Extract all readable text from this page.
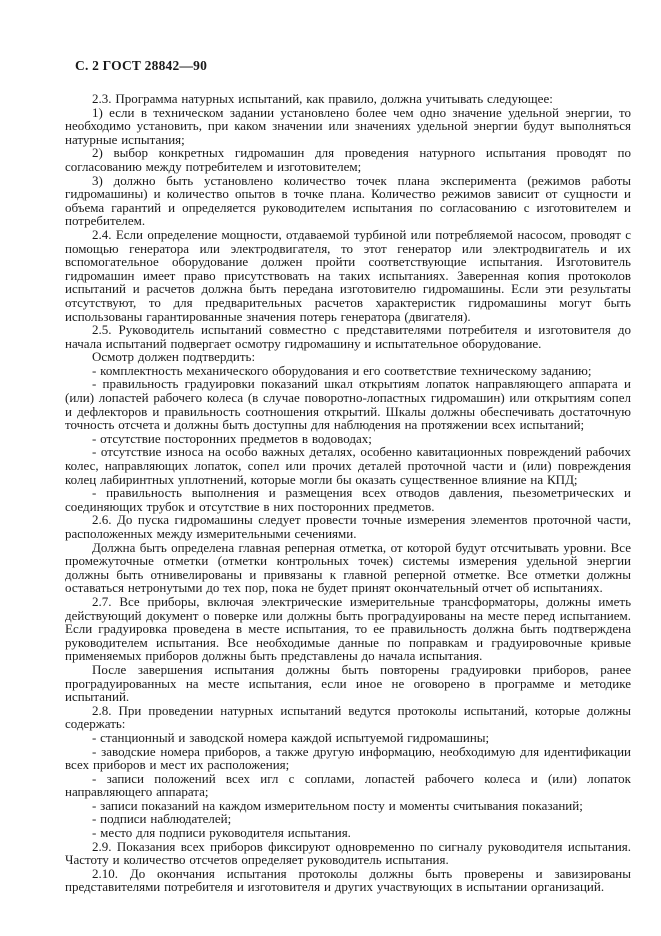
С. 2 ГОСТ 28842—90

2.3. Программа натурных испытаний, как правило, должна учитывать следующее:

1) если в техническом задании установлено более чем одно значение удельной энергии, то необходимо установить, при каком значении или значениях удельной энергии будут выполняться натурные испытания;

2) выбор конкретных гидромашин для проведения натурного испытания проводят по согласованию между потребителем и изготовителем;

3) должно быть установлено количество точек плана эксперимента (режимов работы гидромашины) и количество опытов в точке плана. Количество режимов зависит от сущности и объема гарантий и определяется руководителем испытания по согласованию с изготовителем и потребителем.

2.4. Если определение мощности, отдаваемой турбиной или потребляемой насосом, проводят с помощью генератора или электродвигателя, то этот генератор или электродвигатель и их вспомогательное оборудование должен пройти соответствующие испытания. Изготовитель гидромашин имеет право присутствовать на таких испытаниях. Заверенная копия протоколов испытаний и расчетов должна быть передана изготовителю гидромашины. Если эти результаты отсутствуют, то для предварительных расчетов характеристик гидромашины могут быть использованы гарантированные значения потерь генератора (двигателя).

2.5. Руководитель испытаний совместно с представителями потребителя и изготовителя до начала испытаний подвергает осмотру гидромашину и испытательное оборудование.

Осмотр должен подтвердить:

- комплектность механического оборудования и его соответствие техническому заданию;

- правильность градуировки показаний шкал открытиям лопаток направляющего аппарата и (или) лопастей рабочего колеса (в случае поворотно-лопастных гидромашин) или открытиям сопел и дефлекторов и правильность соотношения открытий. Шкалы должны обеспечивать достаточную точность отсчета и должны быть доступны для наблюдения на протяжении всех испытаний;

- отсутствие посторонних предметов в водоводах;

- отсутствие износа на особо важных деталях, особенно кавитационных повреждений рабочих колес, направляющих лопаток, сопел или прочих деталей проточной части и (или) повреждения колец лабиринтных уплотнений, которые могли бы оказать существенное влияние на КПД;

- правильность выполнения и размещения всех отводов давления, пьезометрических и соединяющих трубок и отсутствие в них посторонних предметов.

2.6. До пуска гидромашины следует провести точные измерения элементов проточной части, расположенных между измерительными сечениями.

Должна быть определена главная реперная отметка, от которой будут отсчитывать уровни. Все промежуточные отметки (отметки контрольных точек) системы измерения удельной энергии должны быть отнивелированы и привязаны к главной реперной отметке. Все отметки должны оставаться нетронутыми до тех пор, пока не будет принят окончательный отчет об испытаниях.

2.7. Все приборы, включая электрические измерительные трансформаторы, должны иметь действующий документ о поверке или должны быть проградуированы на месте перед испытанием. Если градуировка проведена в месте испытания, то ее правильность должна быть подтверждена руководителем испытания. Все необходимые данные по поправкам и градуировочные кривые применяемых приборов должны быть представлены до начала испытания.

После завершения испытания должны быть повторены градуировки приборов, ранее проградуированных на месте испытания, если иное не оговорено в программе и методике испытаний.

2.8. При проведении натурных испытаний ведутся протоколы испытаний, которые должны содержать:

- станционный и заводской номера каждой испытуемой гидромашины;

- заводские номера приборов, а также другую информацию, необходимую для идентификации всех приборов и мест их расположения;

- записи положений всех игл с соплами, лопастей рабочего колеса и (или) лопаток направляющего аппарата;

- записи показаний на каждом измерительном посту и моменты считывания показаний;

- подписи наблюдателей;

- место для подписи руководителя испытания.

2.9. Показания всех приборов фиксируют одновременно по сигналу руководителя испытания. Частоту и количество отсчетов определяет руководитель испытания.

2.10. До окончания испытания протоколы должны быть проверены и завизированы представителями потребителя и изготовителя и других участвующих в испытании организаций.
